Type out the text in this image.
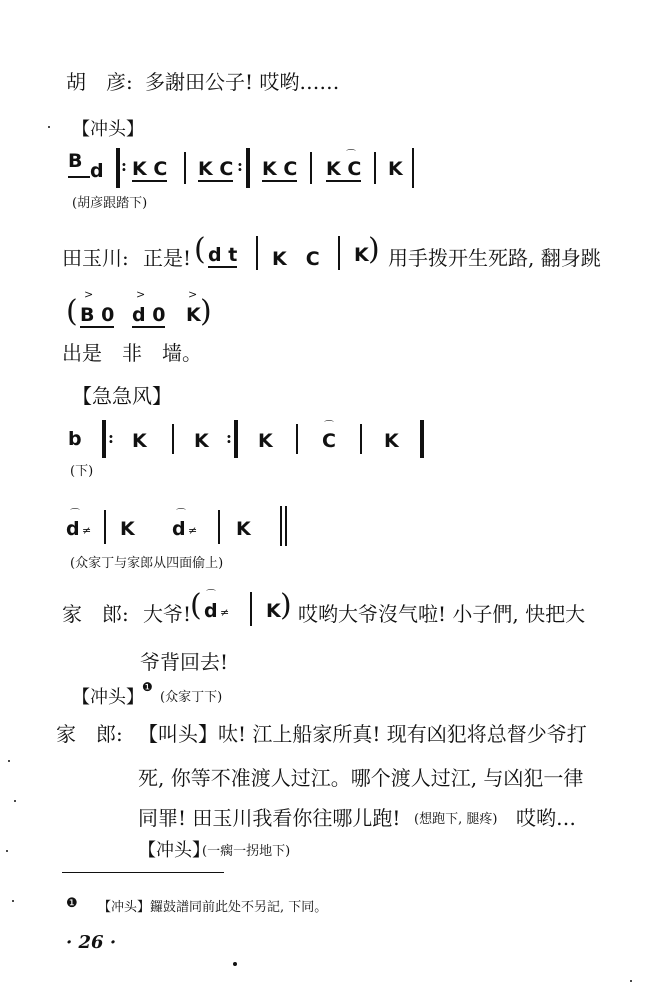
胡　彦: 多謝田公子! 哎哟……
【冲头】
B d : K C K C : K C
⌒
K C K
(胡彦跟踏下)
田玉川: 正是! ( d t K　C K ) 用手拨开生死路, 翻身跳
( >
B 0
>
d 0
>
K )
出是　非　墙。
【急急风】
b : K K : K
⌒
C	K
(下)
⌒
d ≠ K
⌒
d ≠ K
(众家丁与家郎从四面偷上)
家　郎: 大爷!
( ⌒
d ≠ K ) 哎哟大爷沒气啦! 小子們, 快把大
爷背回去!
【冲头】
❶
(众家丁下)
家　郎: 【叫头】呔! 江上船家所真! 现有凶犯将总督少爷打
死, 你等不准渡人过江。哪个渡人过江, 与凶犯一律
同罪! 田玉川我看你往哪儿跑! (想跑下, 腿疼) 哎哟…
【冲头】
(一瘸一拐地下)
❶ 【冲头】鑼鼓譜同前此处不另記, 下同。
· 26 ·
